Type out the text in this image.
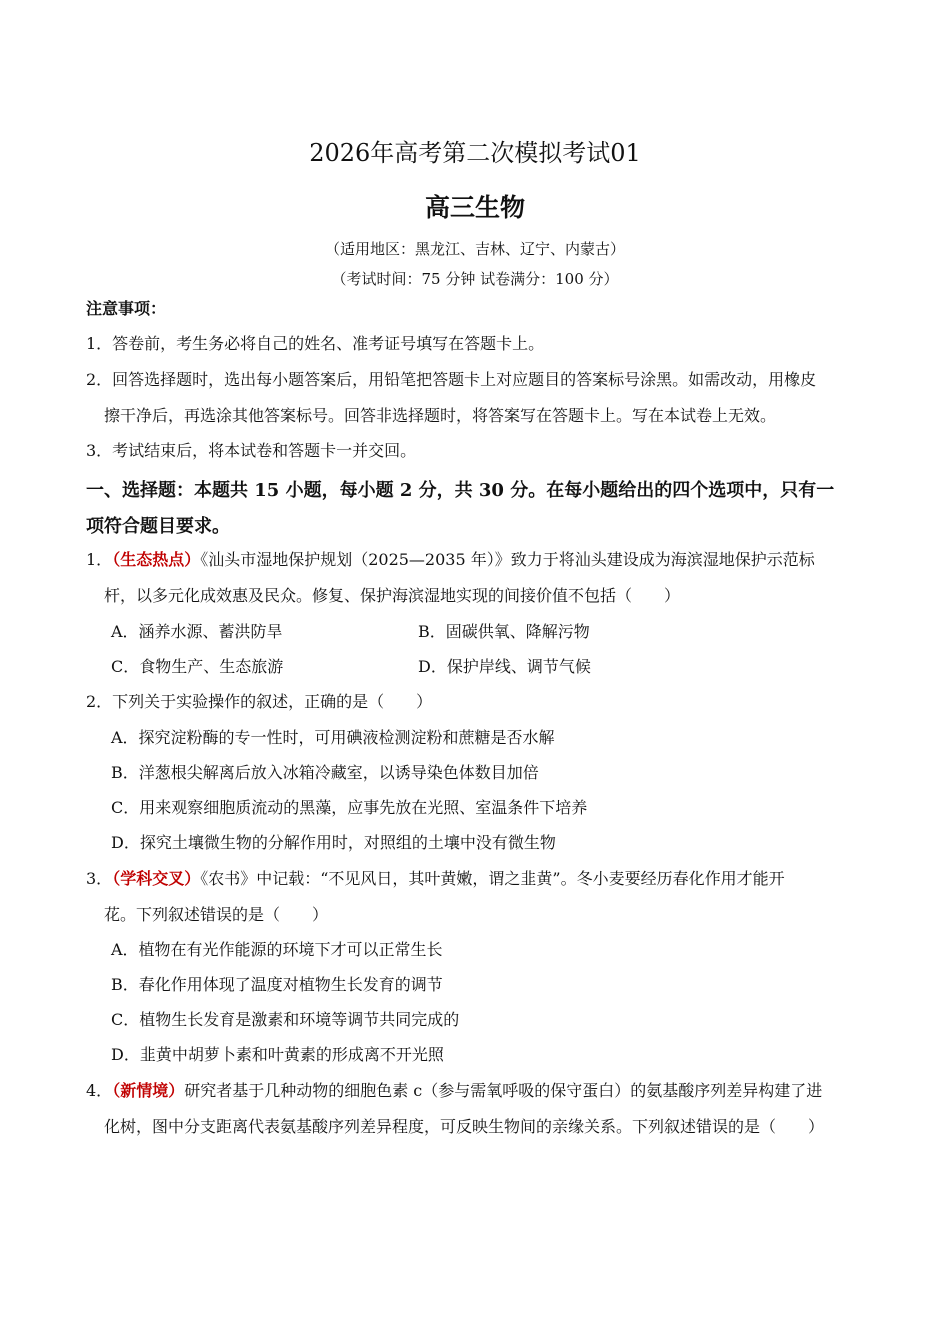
2026年高考第二次模拟考试01
高三生物
（适用地区：黑龙江、吉林、辽宁、内蒙古）
（考试时间：75 分钟 试卷满分：100 分）
注意事项：
1．答卷前，考生务必将自己的姓名、准考证号填写在答题卡上。
2．回答选择题时，选出每小题答案后，用铅笔把答题卡上对应题目的答案标号涂黑。如需改动，用橡皮
擦干净后，再选涂其他答案标号。回答非选择题时，将答案写在答题卡上。写在本试卷上无效。
3．考试结束后，将本试卷和答题卡一并交回。
一、选择题：本题共 15 小题，每小题 2 分，共 30 分。在每小题给出的四个选项中，只有一
项符合题目要求。
1．（生态热点）《汕头市湿地保护规划（2025—2035 年）》致力于将汕头建设成为海滨湿地保护示范标
杆，以多元化成效惠及民众。修复、保护海滨湿地实现的间接价值不包括（　　）
A．涵养水源、蓄洪防旱	B．固碳供氧、降解污物
C．食物生产、生态旅游	D．保护岸线、调节气候
2．下列关于实验操作的叙述，正确的是（　　）
A．探究淀粉酶的专一性时，可用碘液检测淀粉和蔗糖是否水解
B．洋葱根尖解离后放入冰箱冷藏室，以诱导染色体数目加倍
C．用来观察细胞质流动的黑藻，应事先放在光照、室温条件下培养
D．探究土壤微生物的分解作用时，对照组的土壤中没有微生物
3．（学科交叉）《农书》中记载：“不见风日，其叶黄嫩，谓之韭黄”。冬小麦要经历春化作用才能开
花。下列叙述错误的是（　　）
A．植物在有光作能源的环境下才可以正常生长
B．春化作用体现了温度对植物生长发育的调节
C．植物生长发育是激素和环境等调节共同完成的
D．韭黄中胡萝卜素和叶黄素的形成离不开光照
4．（新情境）研究者基于几种动物的细胞色素 c（参与需氧呼吸的保守蛋白）的氨基酸序列差异构建了进
化树，图中分支距离代表氨基酸序列差异程度，可反映生物间的亲缘关系。下列叙述错误的是（　　）
